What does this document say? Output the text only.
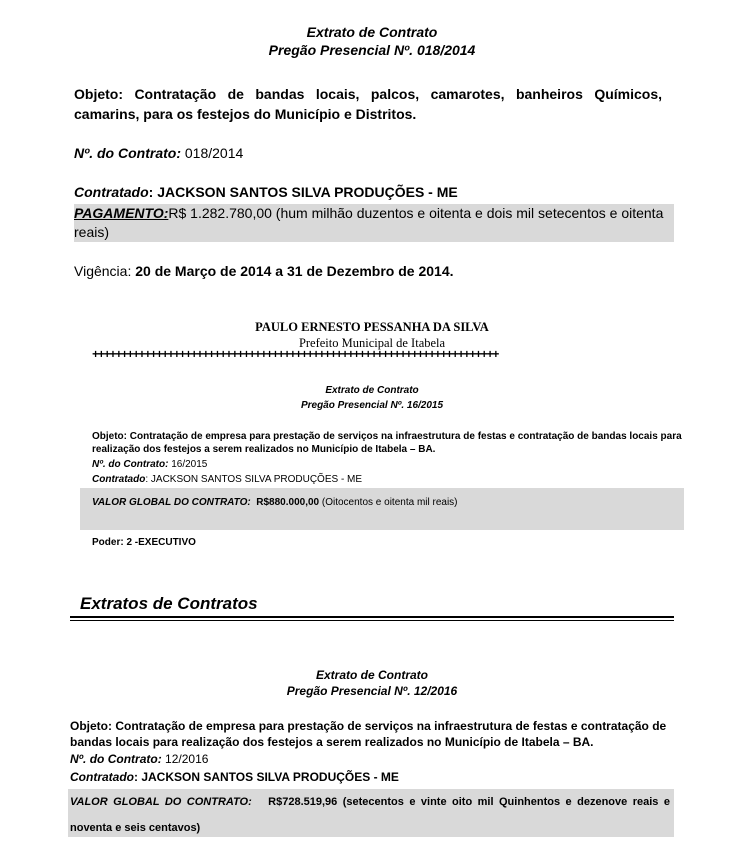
Extrato de Contrato
Pregão Presencial Nº. 018/2014
Objeto: Contratação de bandas locais, palcos, camarotes, banheiros Químicos, camarins, para os festejos do Município e Distritos.
Nº. do Contrato: 018/2014
Contratado: JACKSON SANTOS SILVA PRODUÇÕES - ME
PAGAMENTO:R$ 1.282.780,00 (hum milhão duzentos e oitenta e dois mil setecentos e oitenta reais)
Vigência: 20 de Março de 2014 a 31 de Dezembro de 2014.
PAULO ERNESTO PESSANHA DA SILVA
Prefeito Municipal de Itabela
++++++++++++++++++++++++++++++++++++++++++++++++++++++++++++++++++++++
Extrato de Contrato
Pregão Presencial Nº. 16/2015
Objeto: Contratação de empresa para prestação de serviços na infraestrutura de festas e contratação de bandas locais para realização dos festejos a serem realizados no Município de Itabela – BA.
Nº. do Contrato: 16/2015
Contratado: JACKSON SANTOS SILVA PRODUÇÕES - ME
VALOR GLOBAL DO CONTRATO: R$880.000,00 (Oitocentos e oitenta mil reais)
Poder: 2 -EXECUTIVO
Extratos de Contratos
Extrato de Contrato
Pregão Presencial Nº. 12/2016
Objeto: Contratação de empresa para prestação de serviços na infraestrutura de festas e contratação de bandas locais para realização dos festejos a serem realizados no Município de Itabela – BA.
Nº. do Contrato: 12/2016
Contratado: JACKSON SANTOS SILVA PRODUÇÕES - ME
VALOR GLOBAL DO CONTRATO: R$728.519,96 (setecentos e vinte oito mil Quinhentos e dezenove reais e
noventa e seis centavos)
